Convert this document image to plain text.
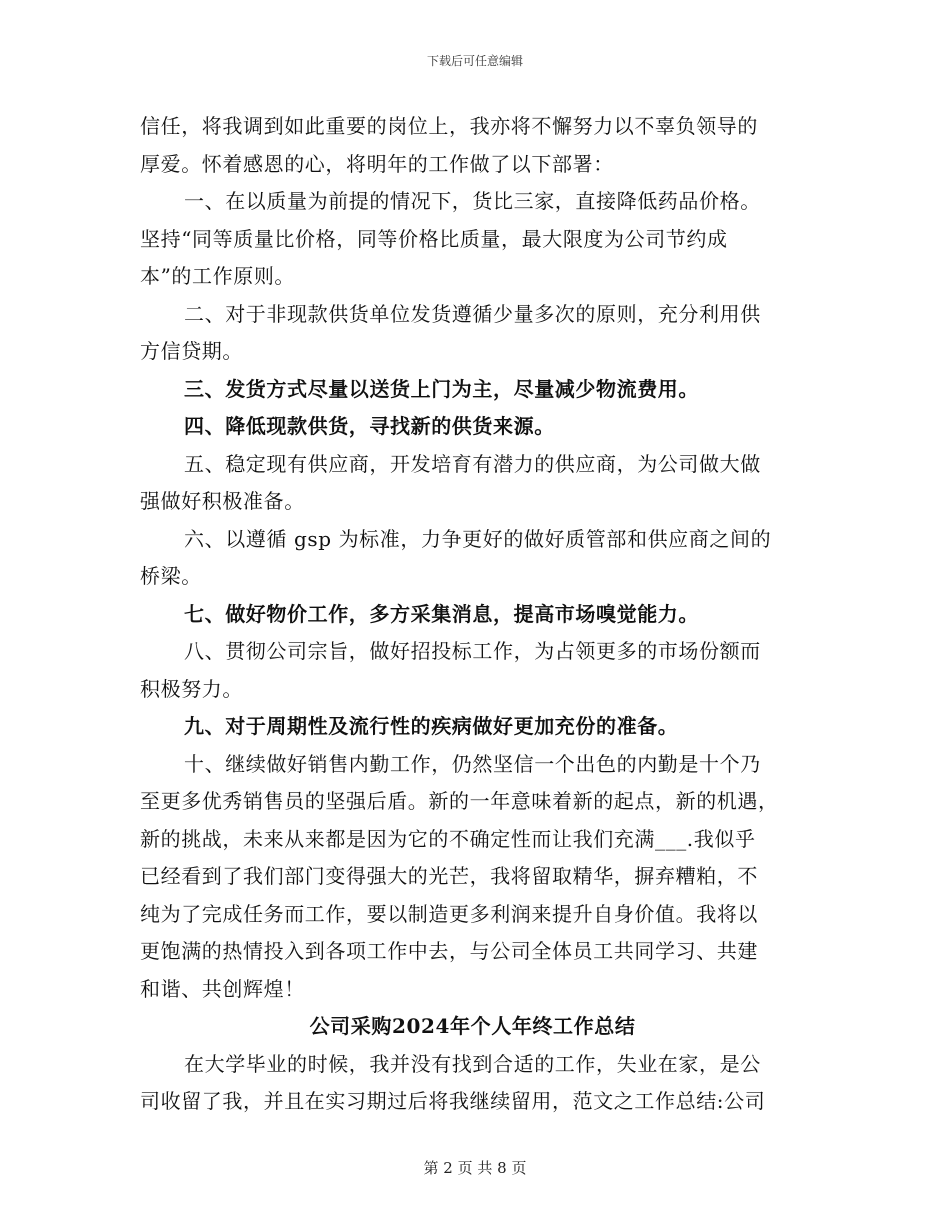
下载后可任意编辑

信任，将我调到如此重要的岗位上，我亦将不懈努力以不辜负领导的
厚爱。怀着感恩的心，将明年的工作做了以下部署：

一、在以质量为前提的情况下，货比三家，直接降低药品价格。
坚持“同等质量比价格，同等价格比质量，最大限度为公司节约成
本”的工作原则。

二、对于非现款供货单位发货遵循少量多次的原则，充分利用供
方信贷期。

三、发货方式尽量以送货上门为主，尽量减少物流费用。

四、降低现款供货，寻找新的供货来源。

五、稳定现有供应商，开发培育有潜力的供应商，为公司做大做
强做好积极准备。

六、以遵循 gsp 为标准，力争更好的做好质管部和供应商之间的
桥梁。

七、做好物价工作，多方采集消息，提高市场嗅觉能力。

八、贯彻公司宗旨，做好招投标工作，为占领更多的市场份额而
积极努力。

九、对于周期性及流行性的疾病做好更加充份的准备。

十、继续做好销售内勤工作，仍然坚信一个出色的内勤是十个乃
至更多优秀销售员的坚强后盾。新的一年意味着新的起点，新的机遇，
新的挑战，未来从来都是因为它的不确定性而让我们充满___.我似乎
已经看到了我们部门变得强大的光芒，我将留取精华，摒弃糟粕，不
纯为了完成任务而工作，要以制造更多利润来提升自身价值。我将以
更饱满的热情投入到各项工作中去，与公司全体员工共同学习、共建
和谐、共创辉煌！

公司采购2024年个人年终工作总结

在大学毕业的时候，我并没有找到合适的工作，失业在家，是公
司收留了我，并且在实习期过后将我继续留用，范文之工作总结:公司

第 2 页 共 8 页
